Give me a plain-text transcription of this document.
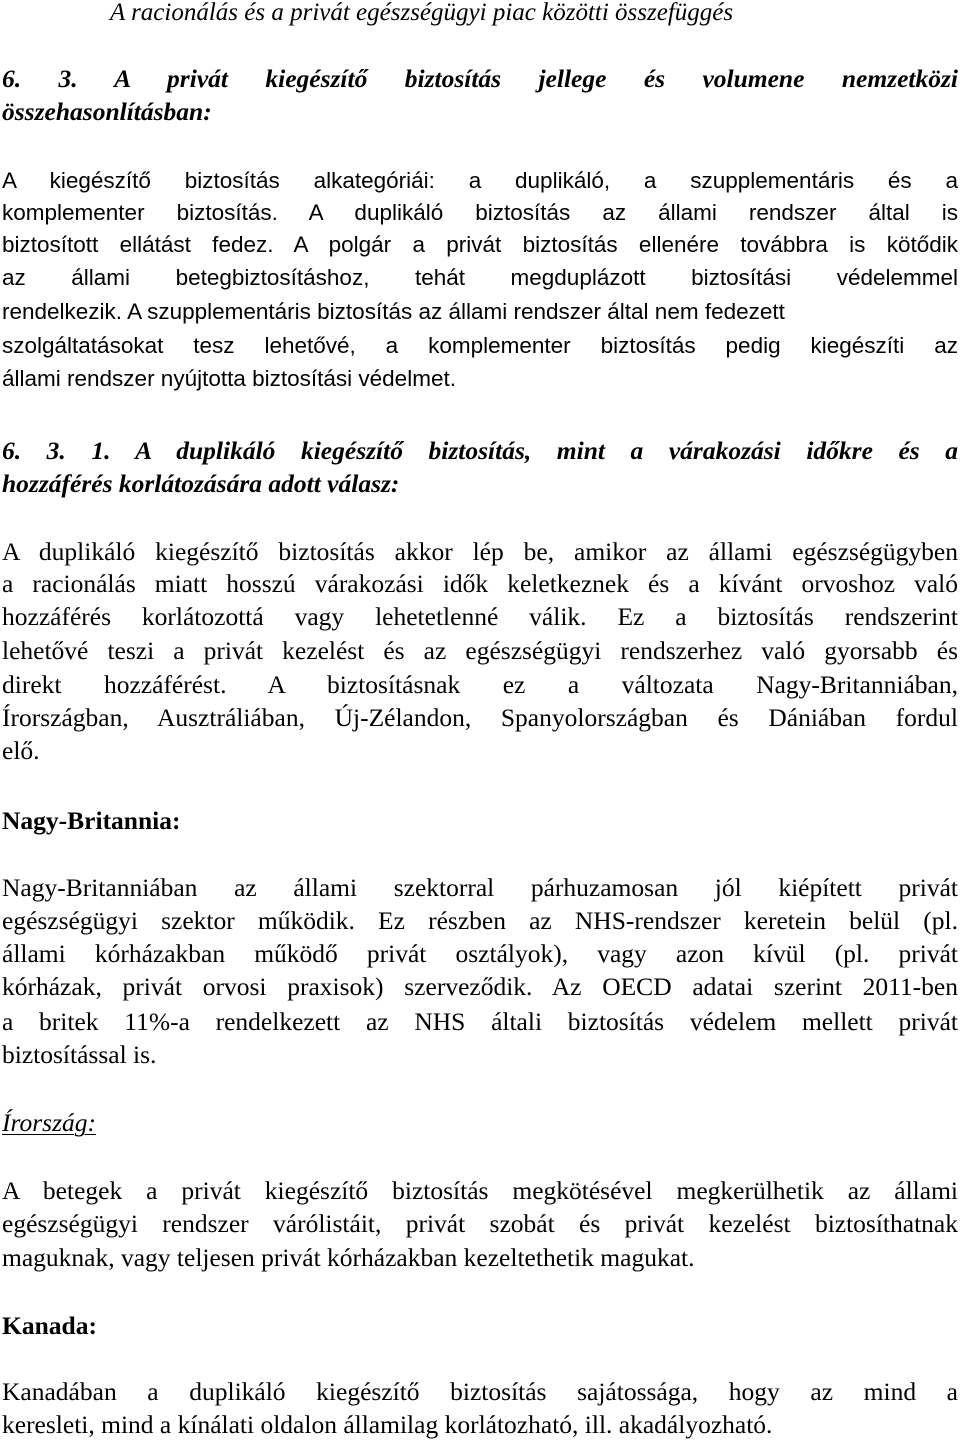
A racionálás és a privát egészségügyi piac közötti összefüggés

6. 3. A privát kiegészítő biztosítás jellege és volumene nemzetközi

összehasonlításban:

A kiegészítő biztosítás alkategóriái: a duplikáló, a szupplementáris és a

komplementer biztosítás. A duplikáló biztosítás az állami rendszer által is

biztosított ellátást fedez. A polgár a privát biztosítás ellenére továbbra is kötődik

az állami betegbiztosításhoz, tehát megduplázott biztosítási védelemmel

rendelkezik. A szupplementáris biztosítás az állami rendszer által nem fedezett

szolgáltatásokat tesz lehetővé, a komplementer biztosítás pedig kiegészíti az

állami rendszer nyújtotta biztosítási védelmet.

6. 3. 1. A duplikáló kiegészítő biztosítás, mint a várakozási időkre és a

hozzáférés korlátozására adott válasz:

A duplikáló kiegészítő biztosítás akkor lép be, amikor az állami egészségügyben

a racionálás miatt hosszú várakozási idők keletkeznek és a kívánt orvoshoz való

hozzáférés korlátozottá vagy lehetetlenné válik. Ez a biztosítás rendszerint

lehetővé teszi a privát kezelést és az egészségügyi rendszerhez való gyorsabb és

direkt hozzáférést. A biztosításnak ez a változata Nagy-Britanniában,

Írországban, Ausztráliában, Új-Zélandon, Spanyolországban és Dániában fordul

elő.

Nagy-Britannia:

Nagy-Britanniában az állami szektorral párhuzamosan jól kiépített privát

egészségügyi szektor működik. Ez részben az NHS-rendszer keretein belül (pl.

állami kórházakban működő privát osztályok), vagy azon kívül (pl. privát

kórházak, privát orvosi praxisok) szerveződik. Az OECD adatai szerint 2011-ben

a britek 11%-a rendelkezett az NHS általi biztosítás védelem mellett privát

biztosítással is.

Írország:

A betegek a privát kiegészítő biztosítás megkötésével megkerülhetik az állami

egészségügyi rendszer várólistáit, privát szobát és privát kezelést biztosíthatnak

maguknak, vagy teljesen privát kórházakban kezeltethetik magukat.

Kanada:

Kanadában a duplikáló kiegészítő biztosítás sajátossága, hogy az mind a

keresleti, mind a kínálati oldalon államilag korlátozható, ill. akadályozható.
